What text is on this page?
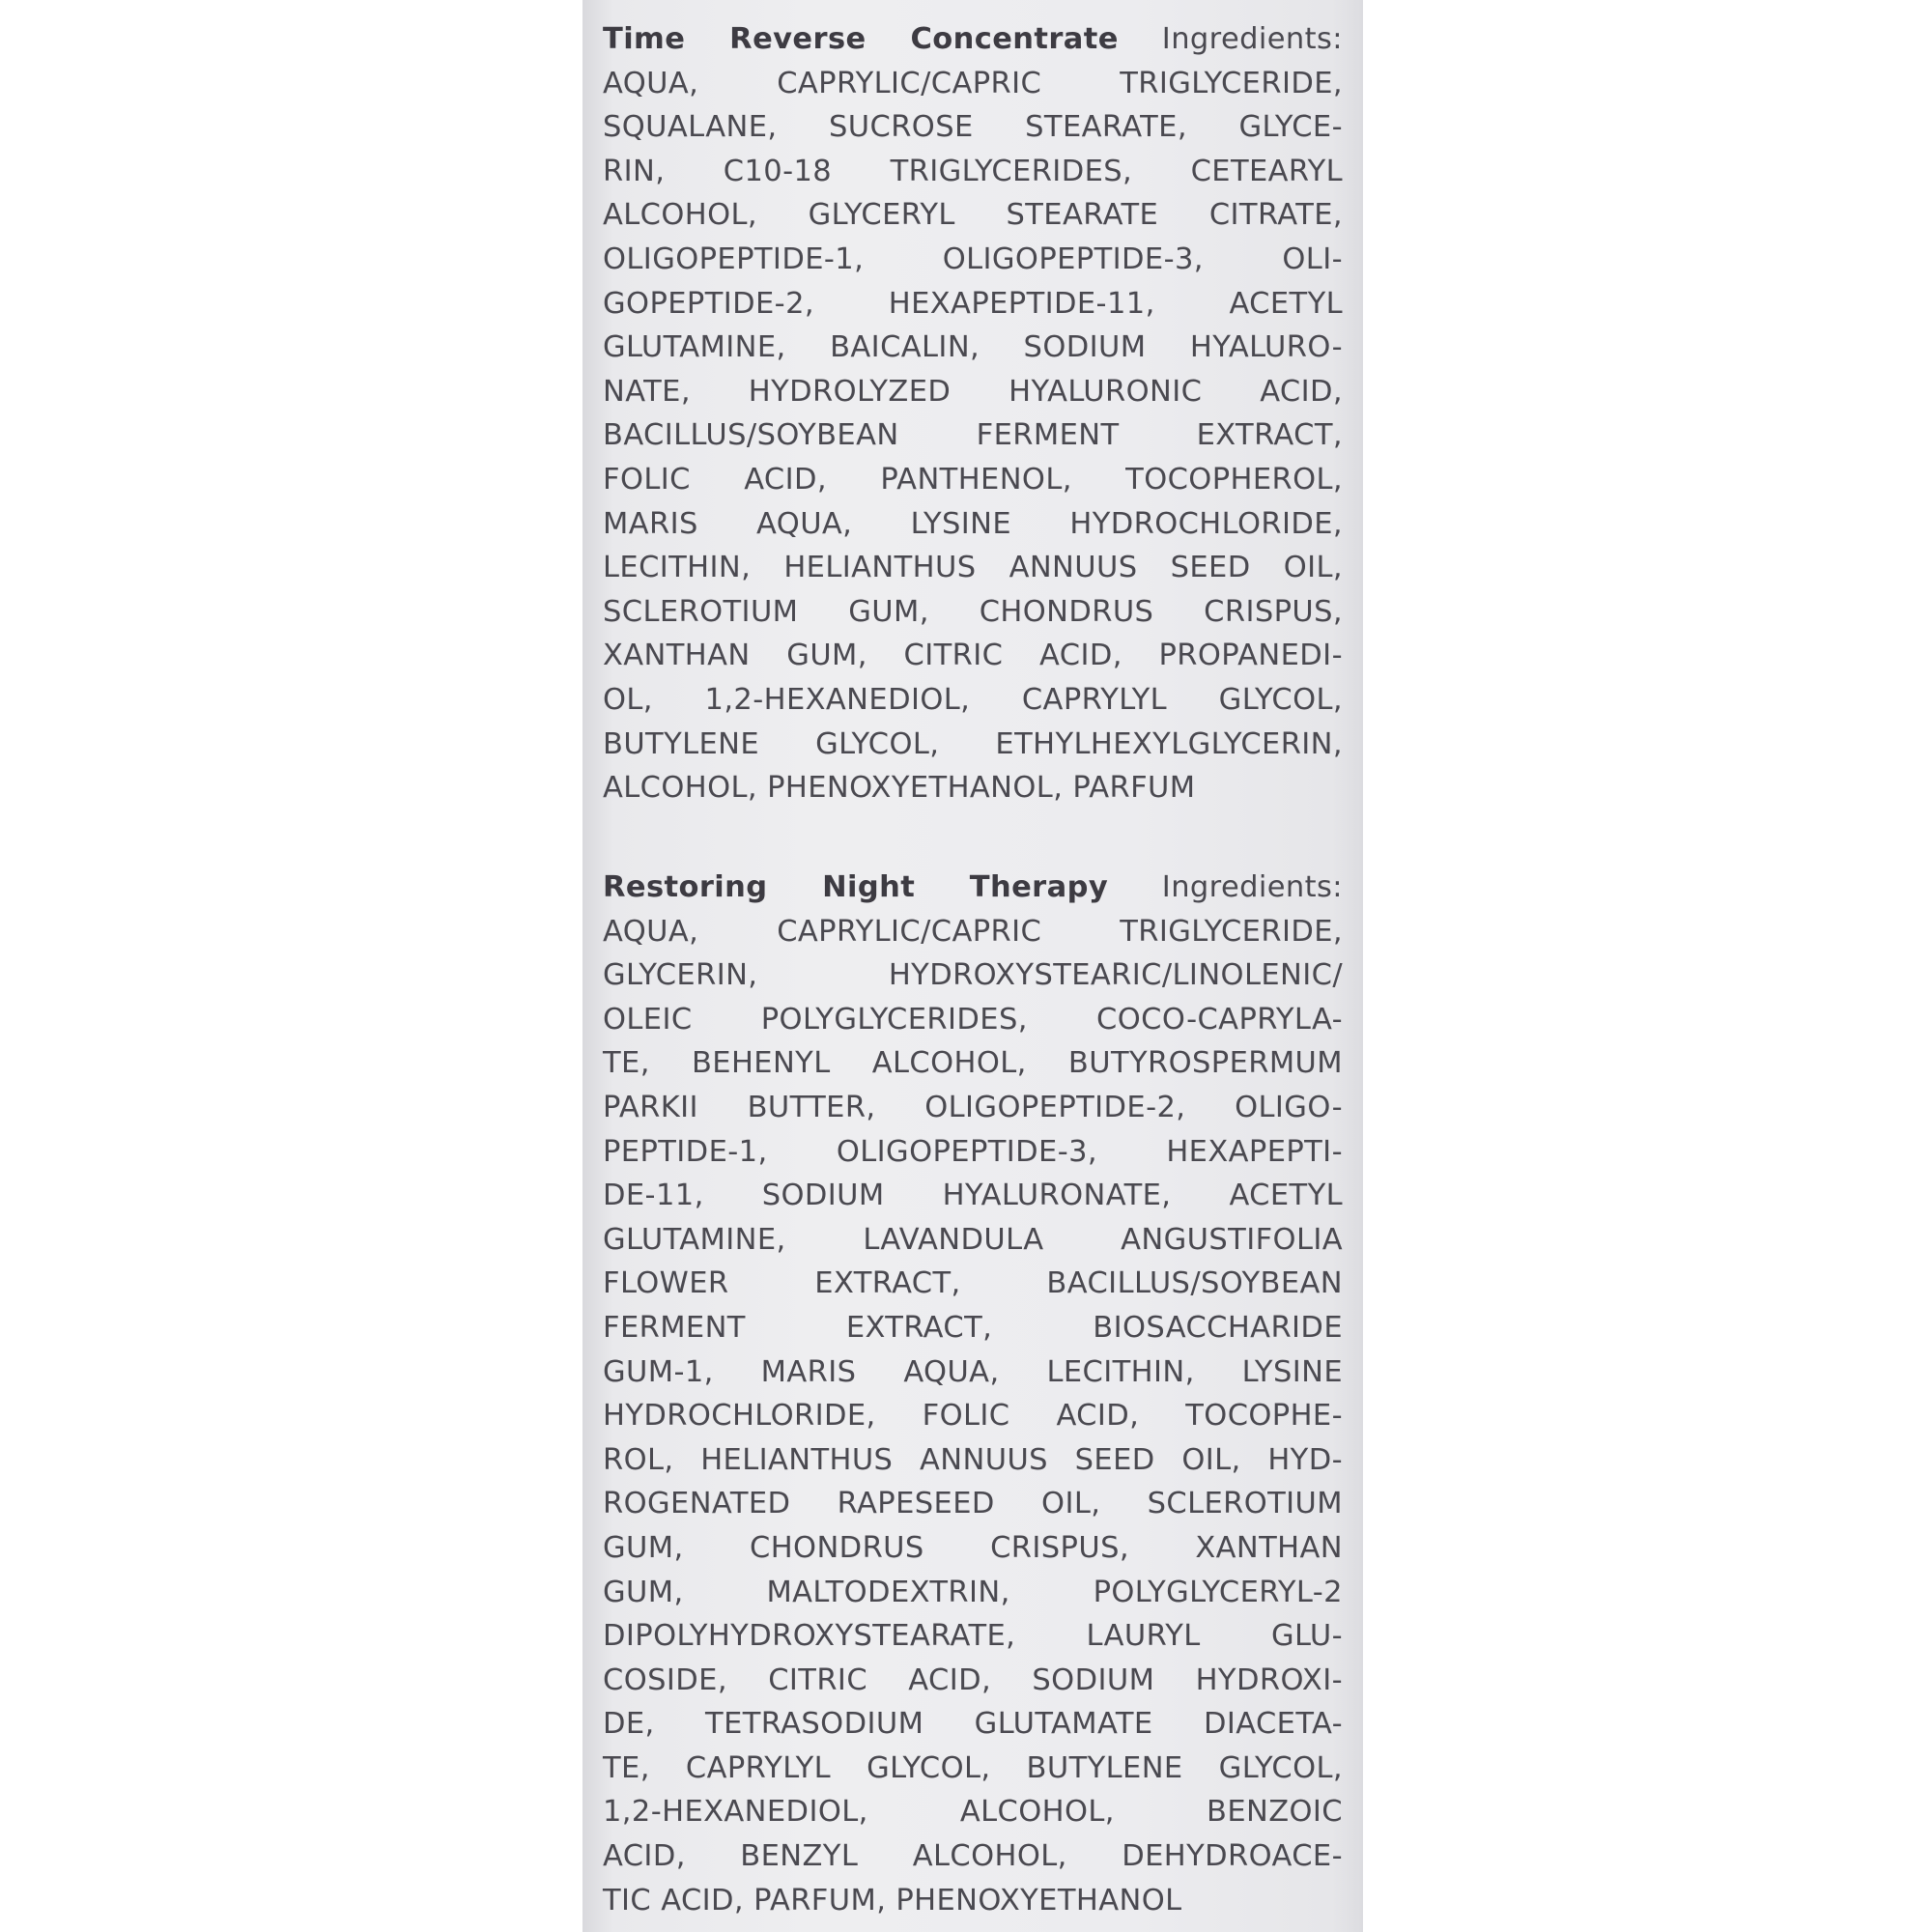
Time Reverse Concentrate Ingredients:
AQUA, CAPRYLIC/CAPRIC TRIGLYCERIDE,
SQUALANE, SUCROSE STEARATE, GLYCE-
RIN, C10-18 TRIGLYCERIDES, CETEARYL
ALCOHOL, GLYCERYL STEARATE CITRATE,
OLIGOPEPTIDE-1, OLIGOPEPTIDE-3, OLI-
GOPEPTIDE-2, HEXAPEPTIDE-11, ACETYL
GLUTAMINE, BAICALIN, SODIUM HYALURO-
NATE, HYDROLYZED HYALURONIC ACID,
BACILLUS/SOYBEAN FERMENT EXTRACT,
FOLIC ACID, PANTHENOL, TOCOPHEROL,
MARIS AQUA, LYSINE HYDROCHLORIDE,
LECITHIN, HELIANTHUS ANNUUS SEED OIL,
SCLEROTIUM GUM, CHONDRUS CRISPUS,
XANTHAN GUM, CITRIC ACID, PROPANEDI-
OL, 1,2-HEXANEDIOL, CAPRYLYL GLYCOL,
BUTYLENE GLYCOL, ETHYLHEXYLGLYCERIN,
ALCOHOL, PHENOXYETHANOL, PARFUM
Restoring Night Therapy Ingredients:
AQUA, CAPRYLIC/CAPRIC TRIGLYCERIDE,
GLYCERIN, HYDROXYSTEARIC/LINOLENIC/
OLEIC POLYGLYCERIDES, COCO-CAPRYLA-
TE, BEHENYL ALCOHOL, BUTYROSPERMUM
PARKII BUTTER, OLIGOPEPTIDE-2, OLIGO-
PEPTIDE-1, OLIGOPEPTIDE-3, HEXAPEPTI-
DE-11, SODIUM HYALURONATE, ACETYL
GLUTAMINE, LAVANDULA ANGUSTIFOLIA
FLOWER EXTRACT, BACILLUS/SOYBEAN
FERMENT EXTRACT, BIOSACCHARIDE
GUM-1, MARIS AQUA, LECITHIN, LYSINE
HYDROCHLORIDE, FOLIC ACID, TOCOPHE-
ROL, HELIANTHUS ANNUUS SEED OIL, HYD-
ROGENATED RAPESEED OIL, SCLEROTIUM
GUM, CHONDRUS CRISPUS, XANTHAN
GUM, MALTODEXTRIN, POLYGLYCERYL-2
DIPOLYHYDROXYSTEARATE, LAURYL GLU-
COSIDE, CITRIC ACID, SODIUM HYDROXI-
DE, TETRASODIUM GLUTAMATE DIACETA-
TE, CAPRYLYL GLYCOL, BUTYLENE GLYCOL,
1,2-HEXANEDIOL, ALCOHOL, BENZOIC
ACID, BENZYL ALCOHOL, DEHYDROACE-
TIC ACID, PARFUM, PHENOXYETHANOL
